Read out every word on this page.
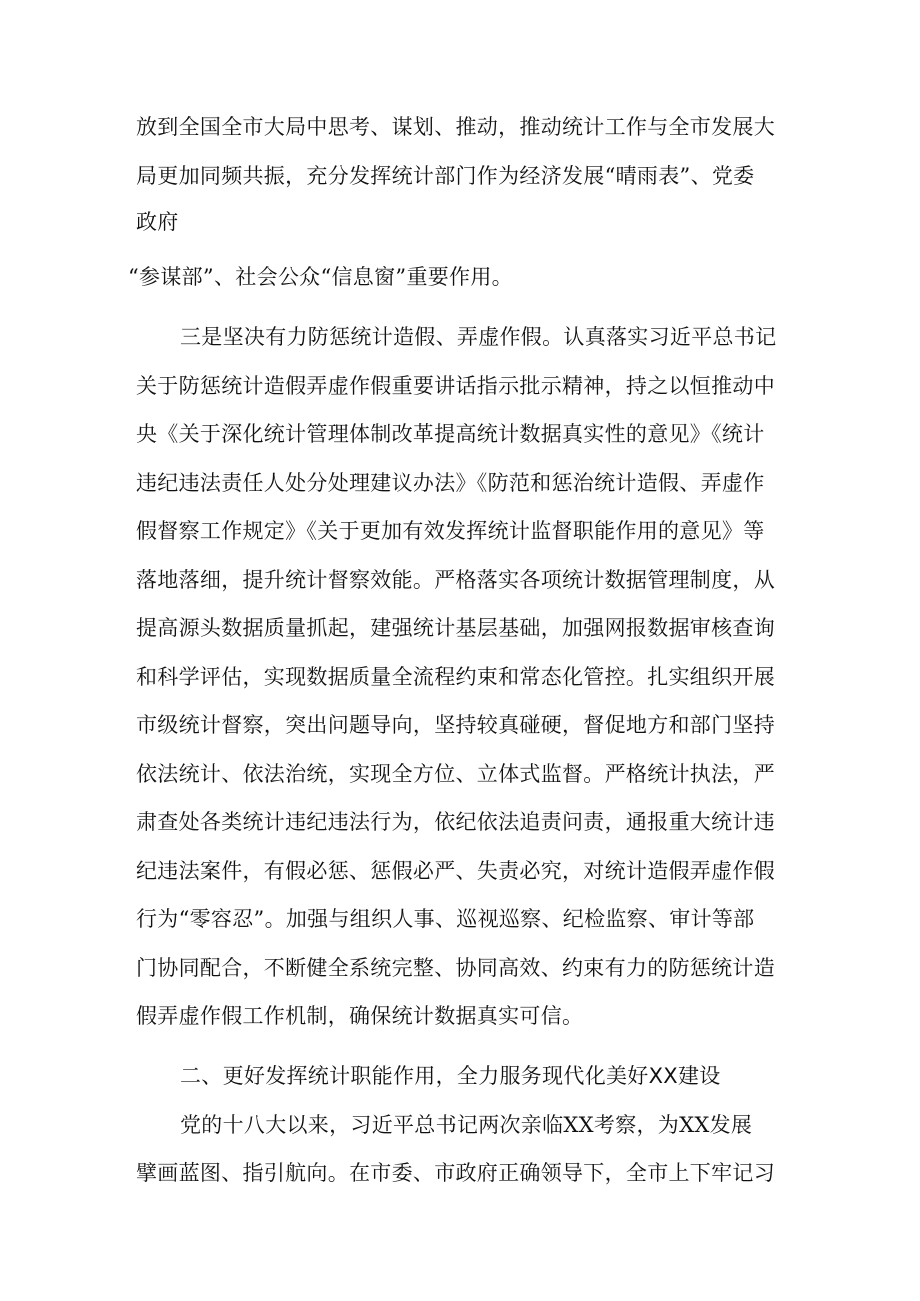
放到全国全市大局中思考、谋划、推动，推动统计工作与全市发展大
局更加同频共振，充分发挥统计部门作为经济发展“晴雨表”、党委
政府
“参谋部”、社会公众“信息窗”重要作用。
三是坚决有力防惩统计造假、弄虚作假。认真落实习近平总书记
关于防惩统计造假弄虚作假重要讲话指示批示精神，持之以恒推动中
央《关于深化统计管理体制改革提高统计数据真实性的意见》《统计
违纪违法责任人处分处理建议办法》《防范和惩治统计造假、弄虚作
假督察工作规定》《关于更加有效发挥统计监督职能作用的意见》等
落地落细，提升统计督察效能。严格落实各项统计数据管理制度，从
提高源头数据质量抓起，建强统计基层基础，加强网报数据审核查询
和科学评估，实现数据质量全流程约束和常态化管控。扎实组织开展
市级统计督察，突出问题导向，坚持较真碰硬，督促地方和部门坚持
依法统计、依法治统，实现全方位、立体式监督。严格统计执法，严
肃查处各类统计违纪违法行为，依纪依法追责问责，通报重大统计违
纪违法案件，有假必惩、惩假必严、失责必究，对统计造假弄虚作假
行为“零容忍”。加强与组织人事、巡视巡察、纪检监察、审计等部
门协同配合，不断健全系统完整、协同高效、约束有力的防惩统计造
假弄虚作假工作机制，确保统计数据真实可信。
二、更好发挥统计职能作用，全力服务现代化美好XX建设
党的十八大以来，习近平总书记两次亲临XX考察，为XX发展
擘画蓝图、指引航向。在市委、市政府正确领导下，全市上下牢记习
